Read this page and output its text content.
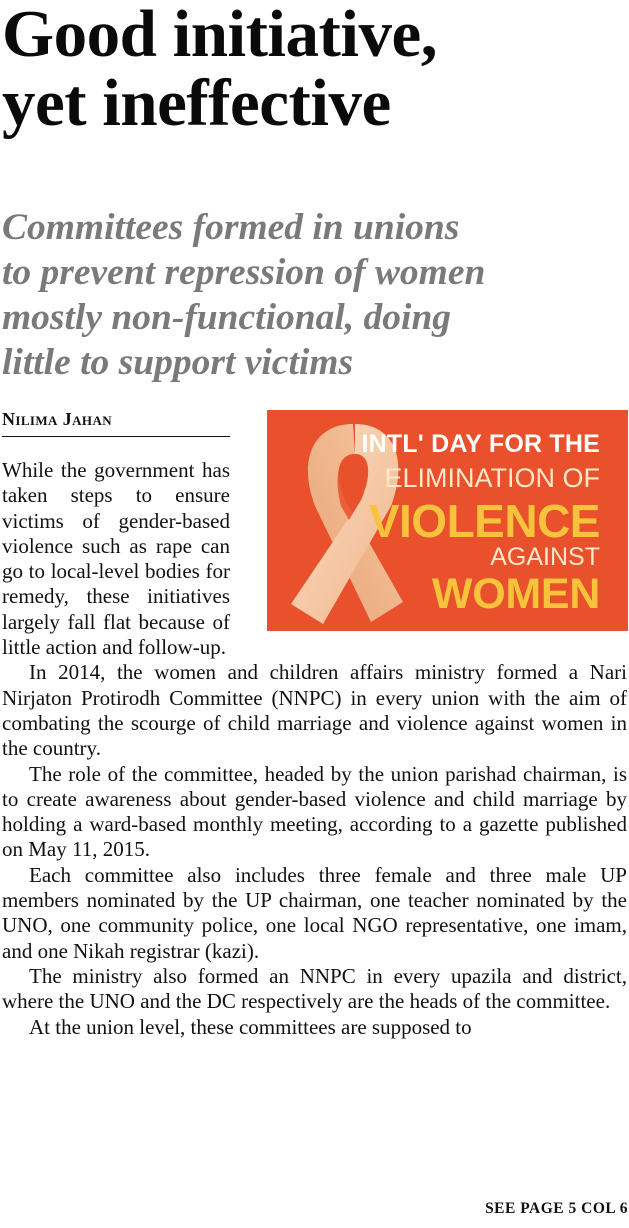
Good initiative,
yet ineffective
Committees formed in unions
to prevent repression of women
mostly non-functional, doing
little to support victims
Nilima Jahan
INTL' DAY FOR THE
ELIMINATION OF
VIOLENCE
AGAINST
WOMEN

While the government has taken steps to ensure victims of gender-based violence such as rape can go to local-level bodies for remedy, these initiatives largely fall flat because of little action and follow-up.

In 2014, the women and children affairs ministry formed a Nari Nirjaton Protirodh Committee (NNPC) in every union with the aim of combating the scourge of child marriage and violence against women in the country.

The role of the committee, headed by the union parishad chairman, is to create awareness about gender-based violence and child marriage by holding a ward-based monthly meeting, according to a gazette published on May 11, 2015.

Each committee also includes three female and three male UP members nominated by the UP chairman, one teacher nominated by the UNO, one community police, one local NGO representative, one imam, and one Nikah registrar (kazi).

The ministry also formed an NNPC in every upazila and district, where the UNO and the DC respectively are the heads of the committee.

At the union level, these committees are supposed to

SEE PAGE 5 COL 6
